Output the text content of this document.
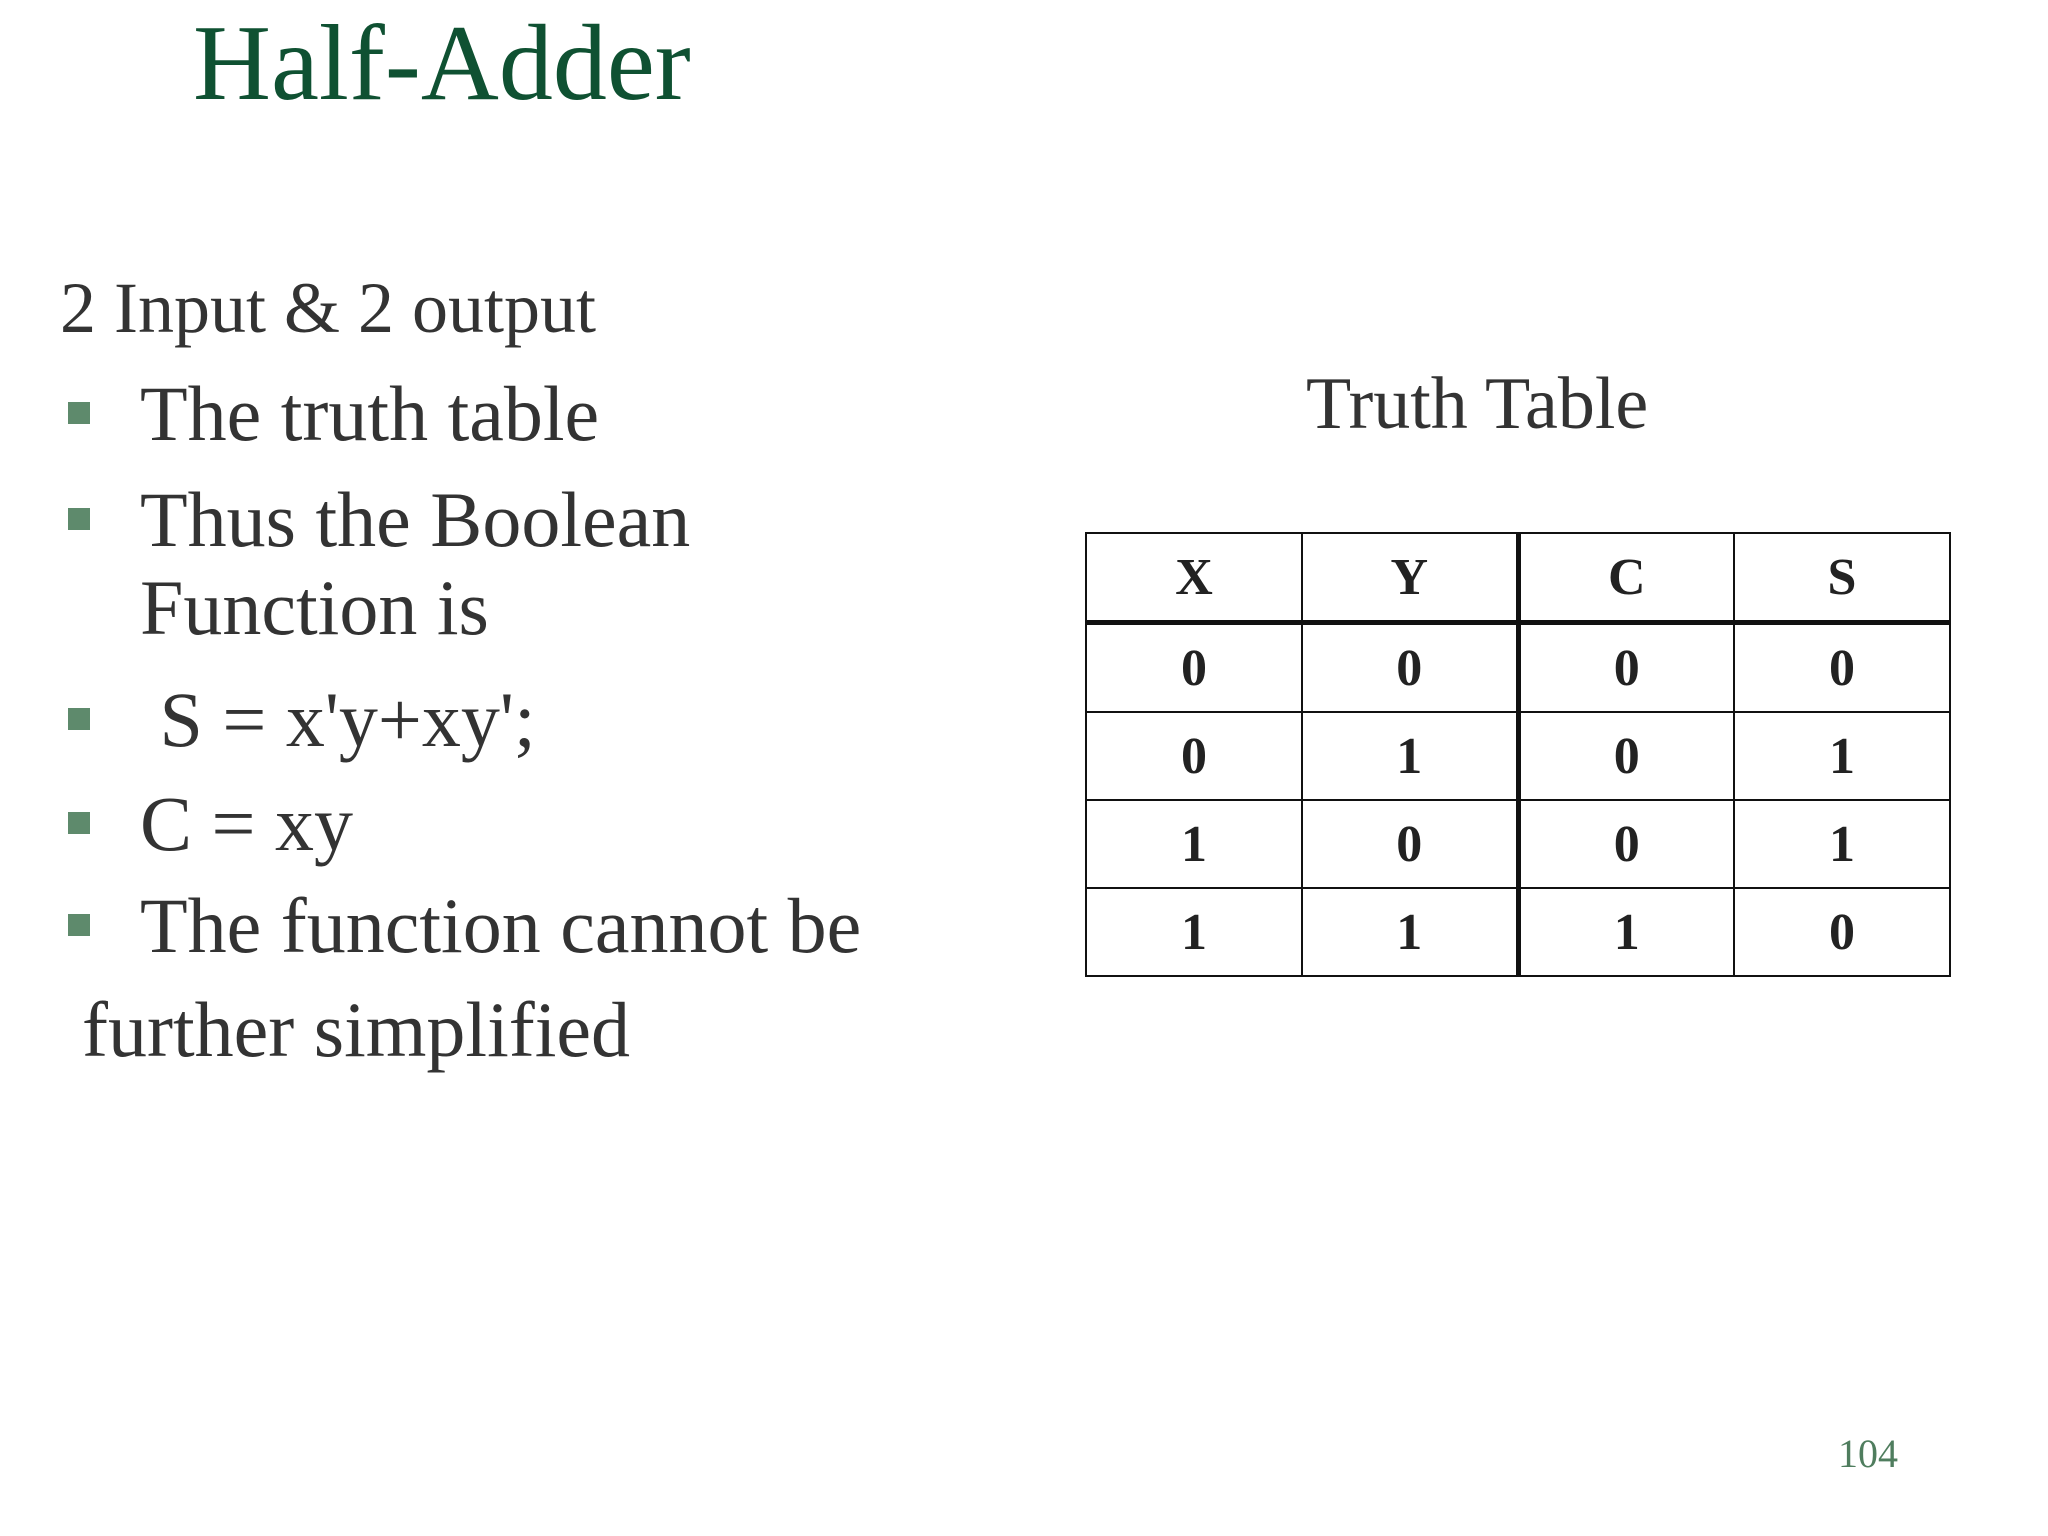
Half-Adder
2 Input & 2 output
The truth table
Thus the Boolean
Function is
S = x'y+xy';
C = xy
The function cannot be
further simplified
Truth Table
X	Y	C	S
0	0	0	0
0	1	0	1
1	0	0	1
1	1	1	0
104
